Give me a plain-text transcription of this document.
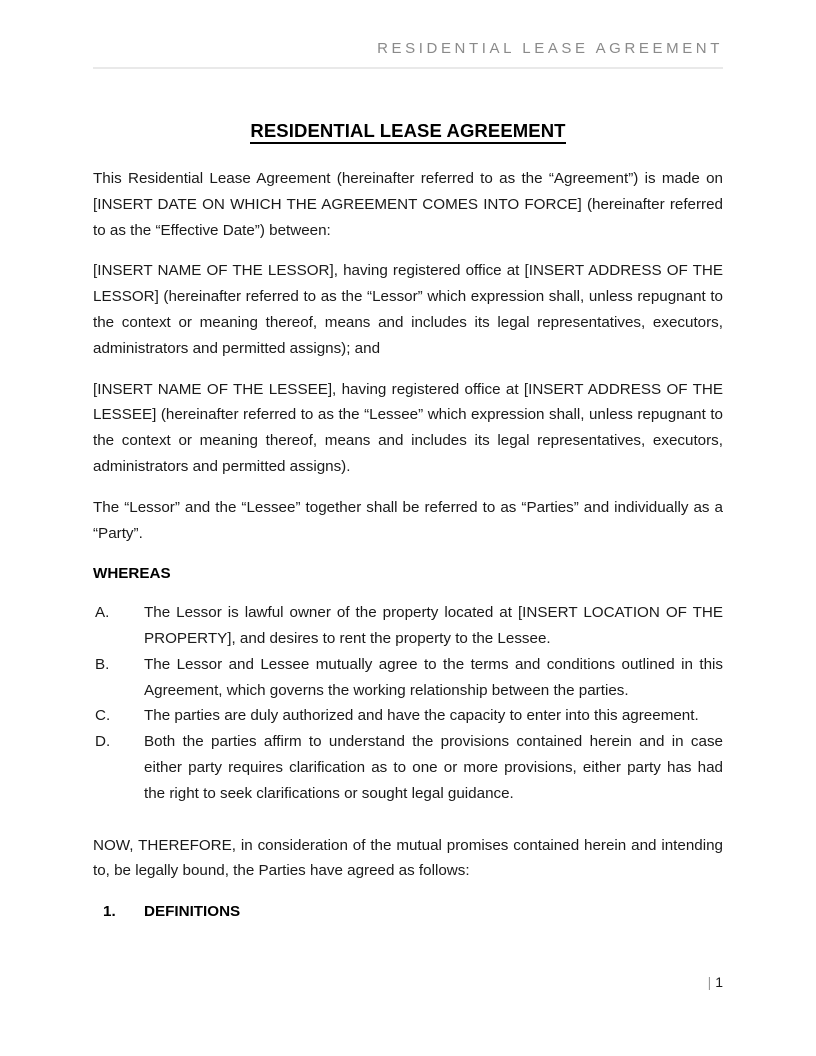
RESIDENTIAL LEASE AGREEMENT
RESIDENTIAL LEASE AGREEMENT

This Residential Lease Agreement (hereinafter referred to as the “Agreement”) is made on [INSERT DATE ON WHICH THE AGREEMENT COMES INTO FORCE] (hereinafter referred to as the “Effective Date”) between:

[INSERT NAME OF THE LESSOR], having registered office at [INSERT ADDRESS OF THE LESSOR] (hereinafter referred to as the “Lessor” which expression shall, unless repugnant to the context or meaning thereof, means and includes its legal representatives, executors, administrators and permitted assigns); and

[INSERT NAME OF THE LESSEE], having registered office at [INSERT ADDRESS OF THE LESSEE] (hereinafter referred to as the “Lessee” which expression shall, unless repugnant to the context or meaning thereof, means and includes its legal representatives, executors, administrators and permitted assigns).

The “Lessor” and the “Lessee” together shall be referred to as “Parties” and individually as a “Party”.

WHEREAS
A.	The Lessor is lawful owner of the property located at [INSERT LOCATION OF THE PROPERTY], and desires to rent the property to the Lessee.
B.	The Lessor and Lessee mutually agree to the terms and conditions outlined in this Agreement, which governs the working relationship between the parties.
C.	The parties are duly authorized and have the capacity to enter into this agreement.
D.	Both the parties affirm to understand the provisions contained herein and in case either party requires clarification as to one or more provisions, either party has had the right to seek clarifications or sought legal guidance.

NOW, THEREFORE, in consideration of the mutual promises contained herein and intending to, be legally bound, the Parties have agreed as follows:

1. DEFINITIONS
| 1
